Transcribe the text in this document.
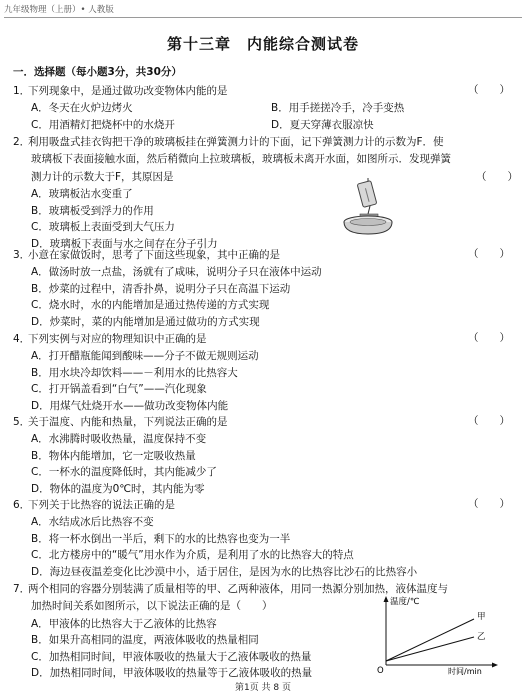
九年级物理（上册）• 人教版
第十三章　内能综合测试卷
一．选择题（每小题3分，共30分）
1．下列现象中，是通过做功改变物体内能的是	（　　）
A．冬天在火炉边烤火	B．用手搓搓冷手，冷手变热
C．用酒精灯把烧杯中的水烧开	D．夏天穿薄衣服凉快
2．利用吸盘式挂衣钩把干净的玻璃板挂在弹簧测力计的下面，记下弹簧测力计的示数为F．使
玻璃板下表面接触水面，然后稍微向上拉玻璃板，玻璃板未离开水面，如图所示．发现弹簧
测力计的示数大于F，其原因是	（　　）
A．玻璃板沾水变重了
B．玻璃板受到浮力的作用
C．玻璃板上表面受到大气压力
D．玻璃板下表面与水之间存在分子引力
3．小意在家做饭时，思考了下面这些现象，其中正确的是	（　　）
A．做汤时放一点盐，汤就有了咸味，说明分子只在液体中运动
B．炒菜的过程中，清香扑鼻，说明分子只在高温下运动
C．烧水时，水的内能增加是通过热传递的方式实现
D．炒菜时，菜的内能增加是通过做功的方式实现
4．下列实例与对应的物理知识中正确的是	（　　）
A．打开醋瓶能闻到酸味——分子不做无规则运动
B．用水块冷却饮料——－利用水的比热容大
C．打开锅盖看到“白气”——汽化现象
D．用煤气灶烧开水——做功改变物体内能
5．关于温度、内能和热量，下列说法正确的是	（　　）
A．水沸腾时吸收热量，温度保持不变
B．物体内能增加，它一定吸收热量
C．一杯水的温度降低时，其内能减少了
D．物体的温度为0℃时，其内能为零
6．下列关于比热容的说法正确的是	（　　）
A．水结成冰后比热容不变
B．将一杯水倒出一半后，剩下的水的比热容也变为一半
C．北方楼房中的“暖气”用水作为介质，是利用了水的比热容大的特点
D．海边昼夜温差变化比沙漠中小，适于居住，是因为水的比热容比沙石的比热容小
7．两个相同的容器分别装满了质量相等的甲、乙两种液体，用同一热源分别加热，液体温度与
加热时间关系如图所示，以下说法正确的是（　　）
A．甲液体的比热容大于乙液体的比热容
B．如果升高相同的温度，两液体吸收的热量相同
C．加热相同时间，甲液体吸收的热量大于乙液体吸收的热量
D．加热相同时间，甲液体吸收的热量等于乙液体吸收的热量
温度/℃
O	时间/min
甲
乙
第1页 共 8 页
